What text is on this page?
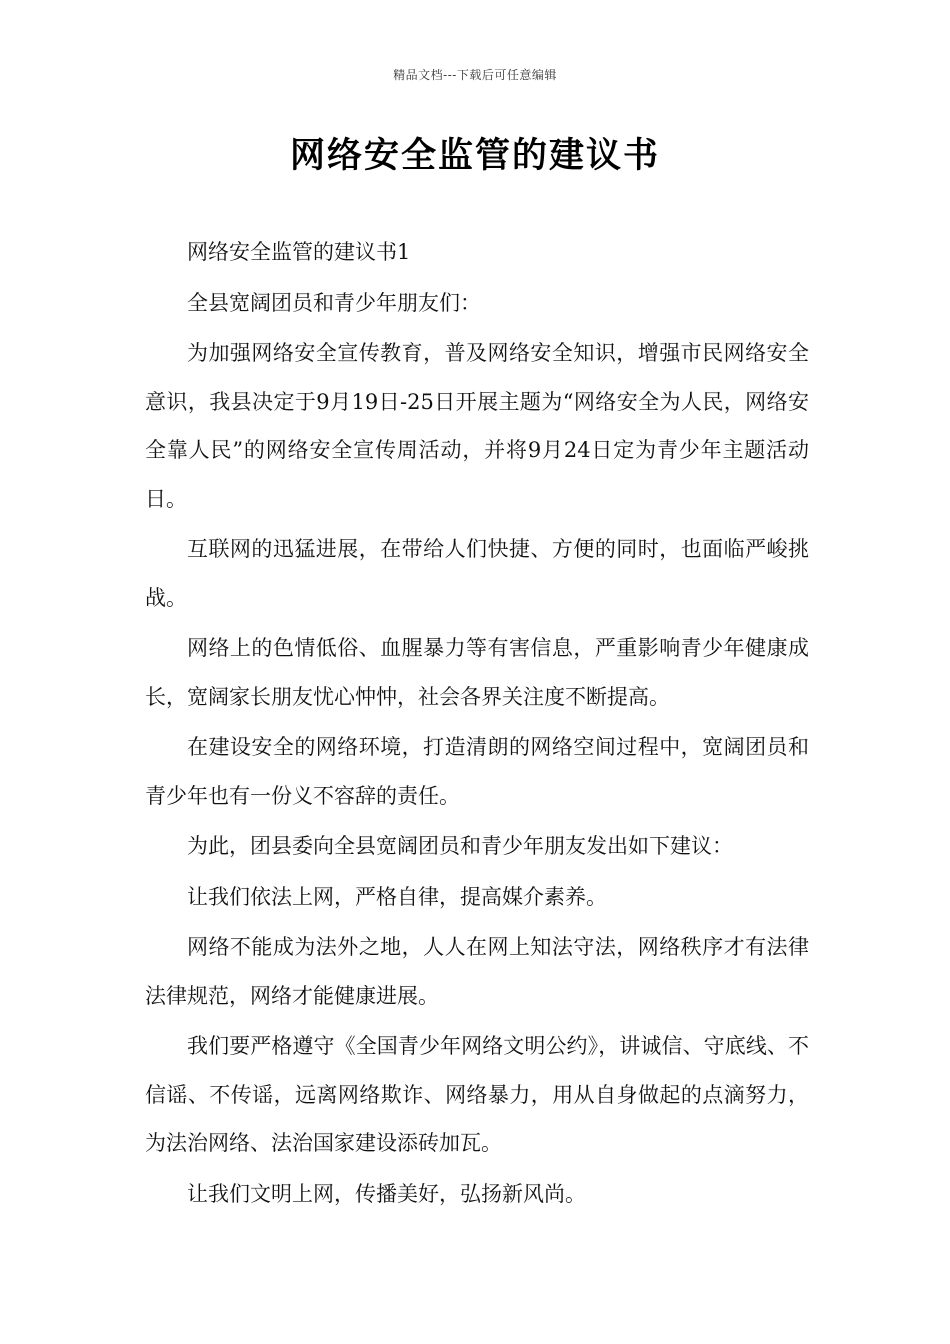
精品文档---下载后可任意编辑
网络安全监管的建议书

网络安全监管的建议书1

全县宽阔团员和青少年朋友们：

为加强网络安全宣传教育，普及网络安全知识，增强市民网络安全意识，我县决定于9月19日-25日开展主题为“网络安全为人民，网络安全靠人民”的网络安全宣传周活动，并将9月24日定为青少年主题活动日。

互联网的迅猛进展，在带给人们快捷、方便的同时，也面临严峻挑战。

网络上的色情低俗、血腥暴力等有害信息，严重影响青少年健康成长，宽阔家长朋友忧心忡忡，社会各界关注度不断提高。

在建设安全的网络环境，打造清朗的网络空间过程中，宽阔团员和青少年也有一份义不容辞的责任。

为此，团县委向全县宽阔团员和青少年朋友发出如下建议：

让我们依法上网，严格自律，提高媒介素养。

网络不能成为法外之地，人人在网上知法守法，网络秩序才有法律法律规范，网络才能健康进展。

我们要严格遵守《全国青少年网络文明公约》，讲诚信、守底线、不信谣、不传谣，远离网络欺诈、网络暴力，用从自身做起的点滴努力，为法治网络、法治国家建设添砖加瓦。

让我们文明上网，传播美好，弘扬新风尚。
